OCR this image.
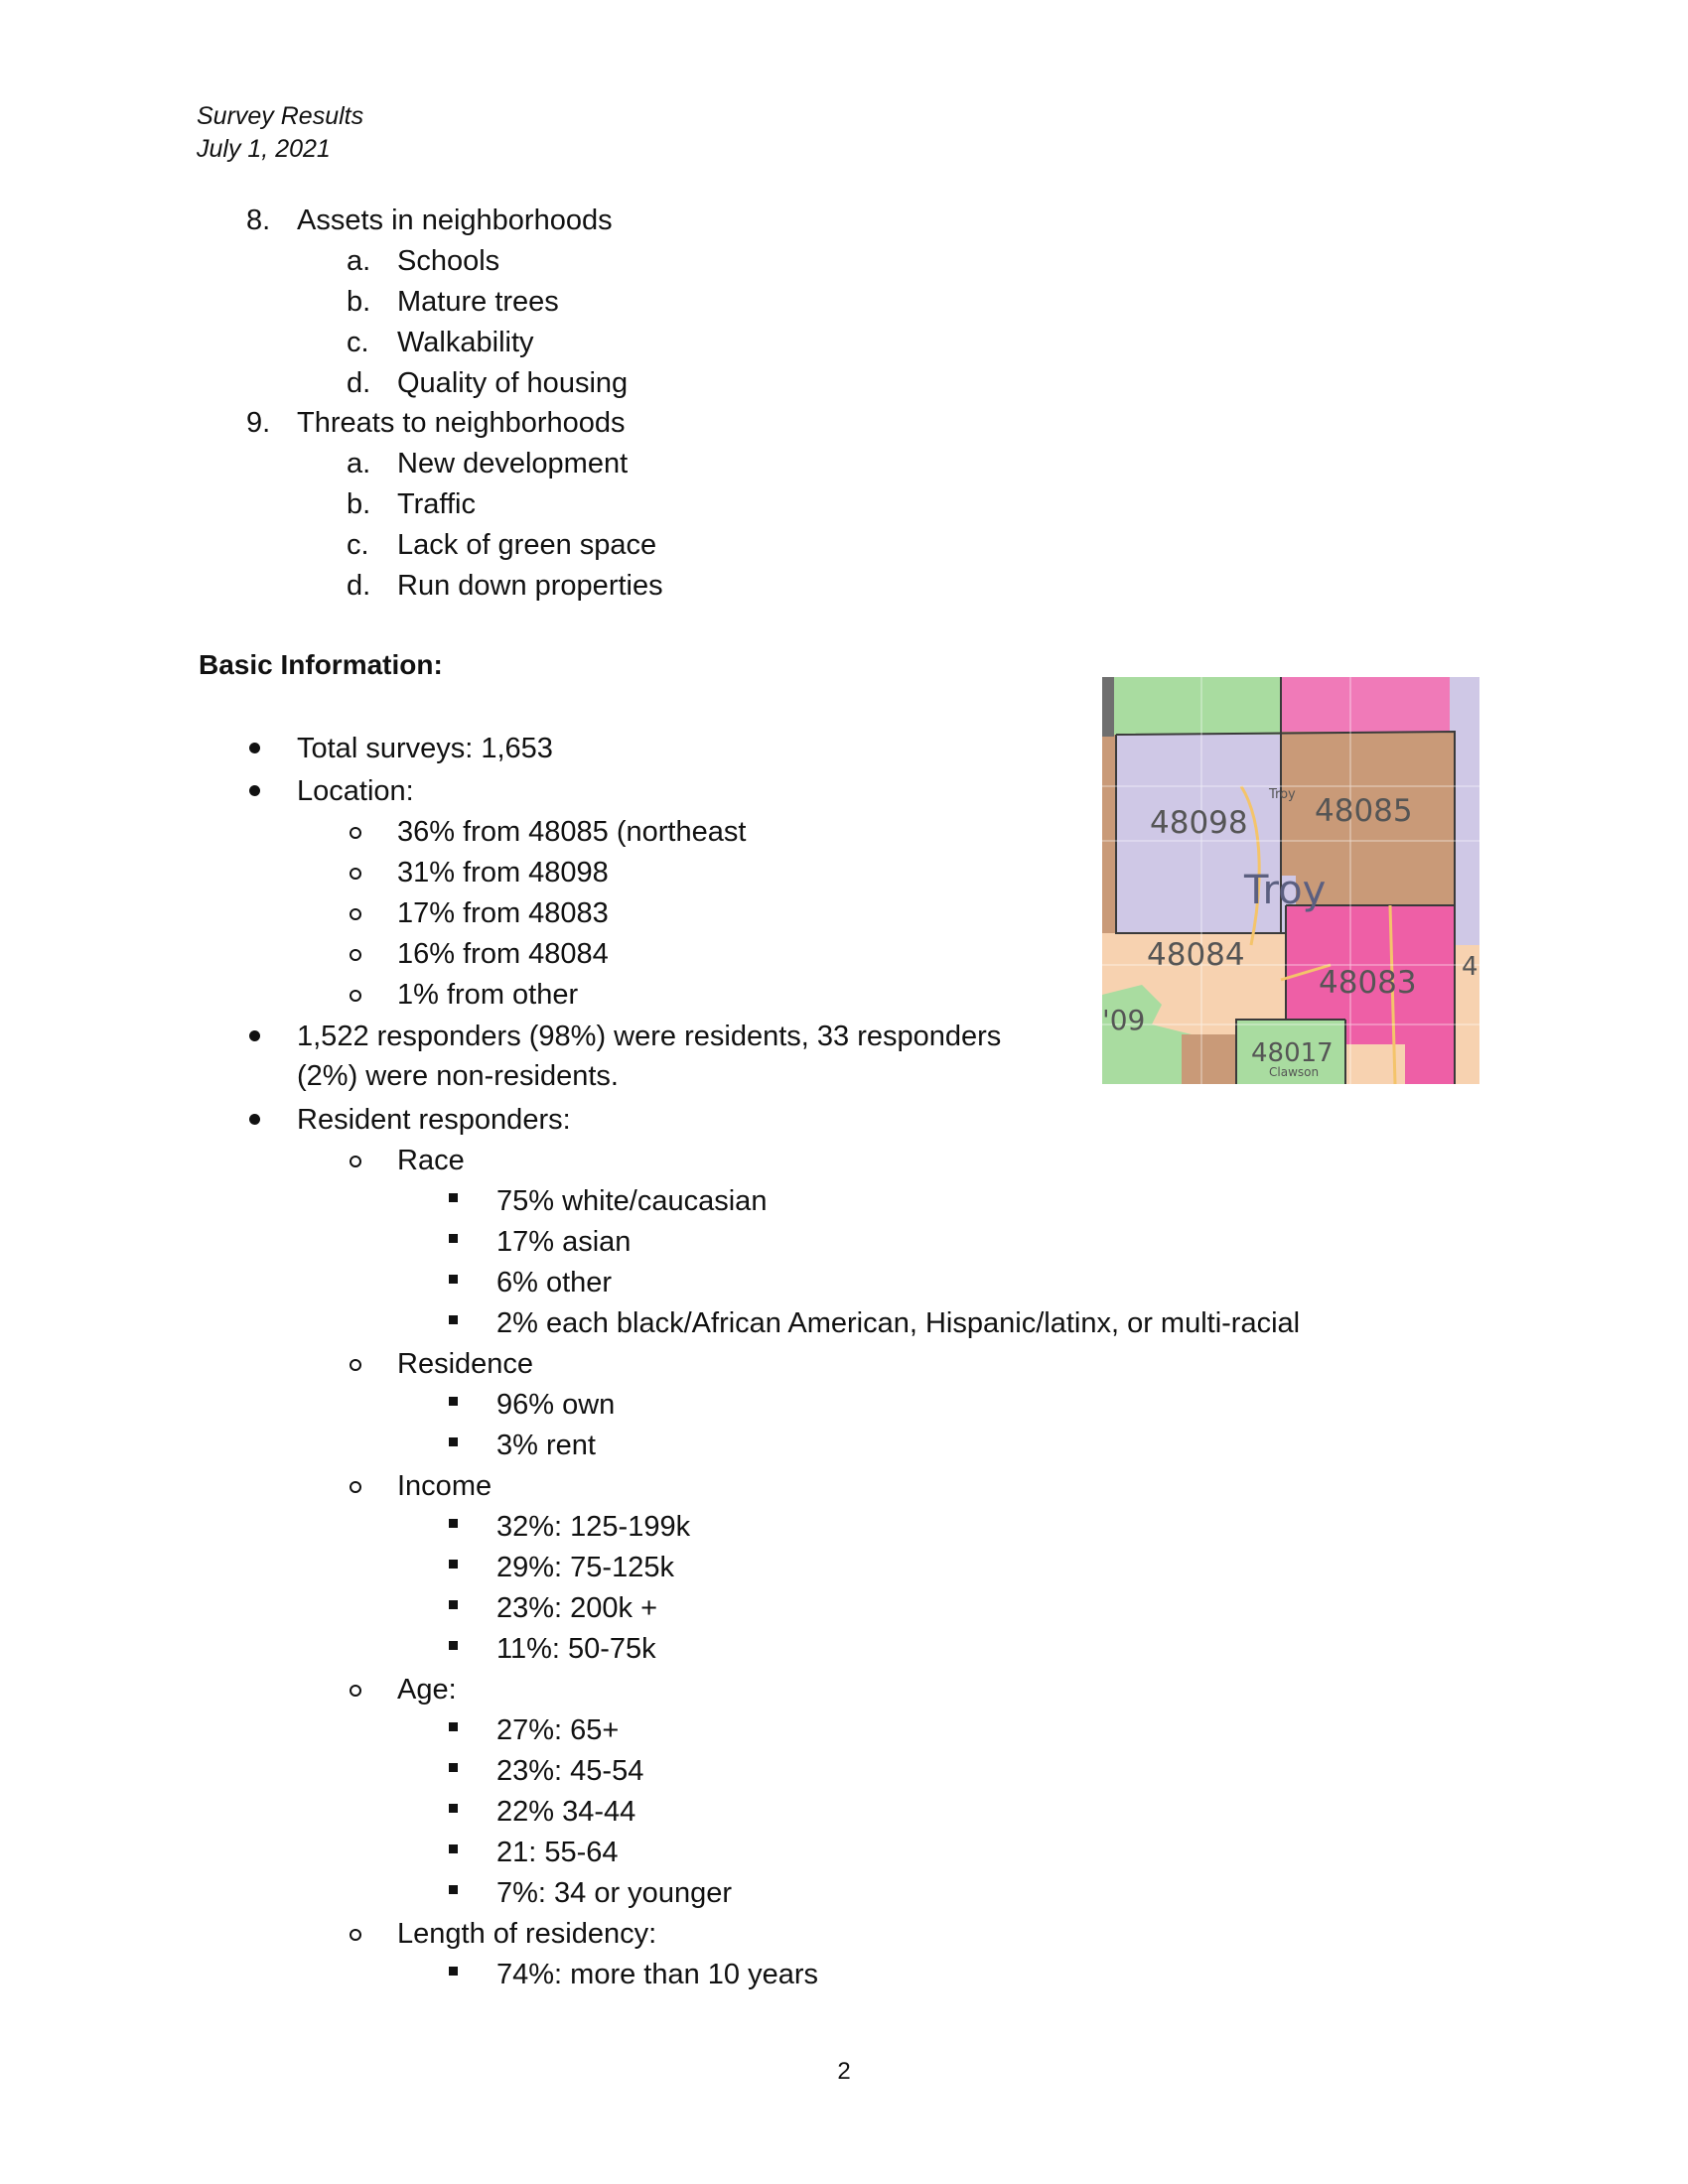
Survey Results
July 1, 2021
8. Assets in neighborhoods
a. Schools
b. Mature trees
c. Walkability
d. Quality of housing
9. Threats to neighborhoods
a. New development
b. Traffic
c. Lack of green space
d. Run down properties
Basic Information:
Total surveys: 1,653
Location:
36% from 48085 (northeast
31% from 48098
17% from 48083
16% from 48084
1% from other
1,522 responders (98%) were residents, 33 responders
(2%) were non-residents.
Resident responders:
Race
75% white/caucasian
17% asian
6% other
2% each black/African American, Hispanic/latinx, or multi-racial
Residence
96% own
3% rent
Income
32%: 125-199k
29%: 75-125k
23%: 200k +
11%: 50-75k
Age:
27%: 65+
23%: 45-54
22% 34-44
21: 55-64
7%: 34 or younger
Length of residency:
74%: more than 10 years
48098 48085
48084
48083
48017
'09
4
Troy
Troy
Clawson
2
